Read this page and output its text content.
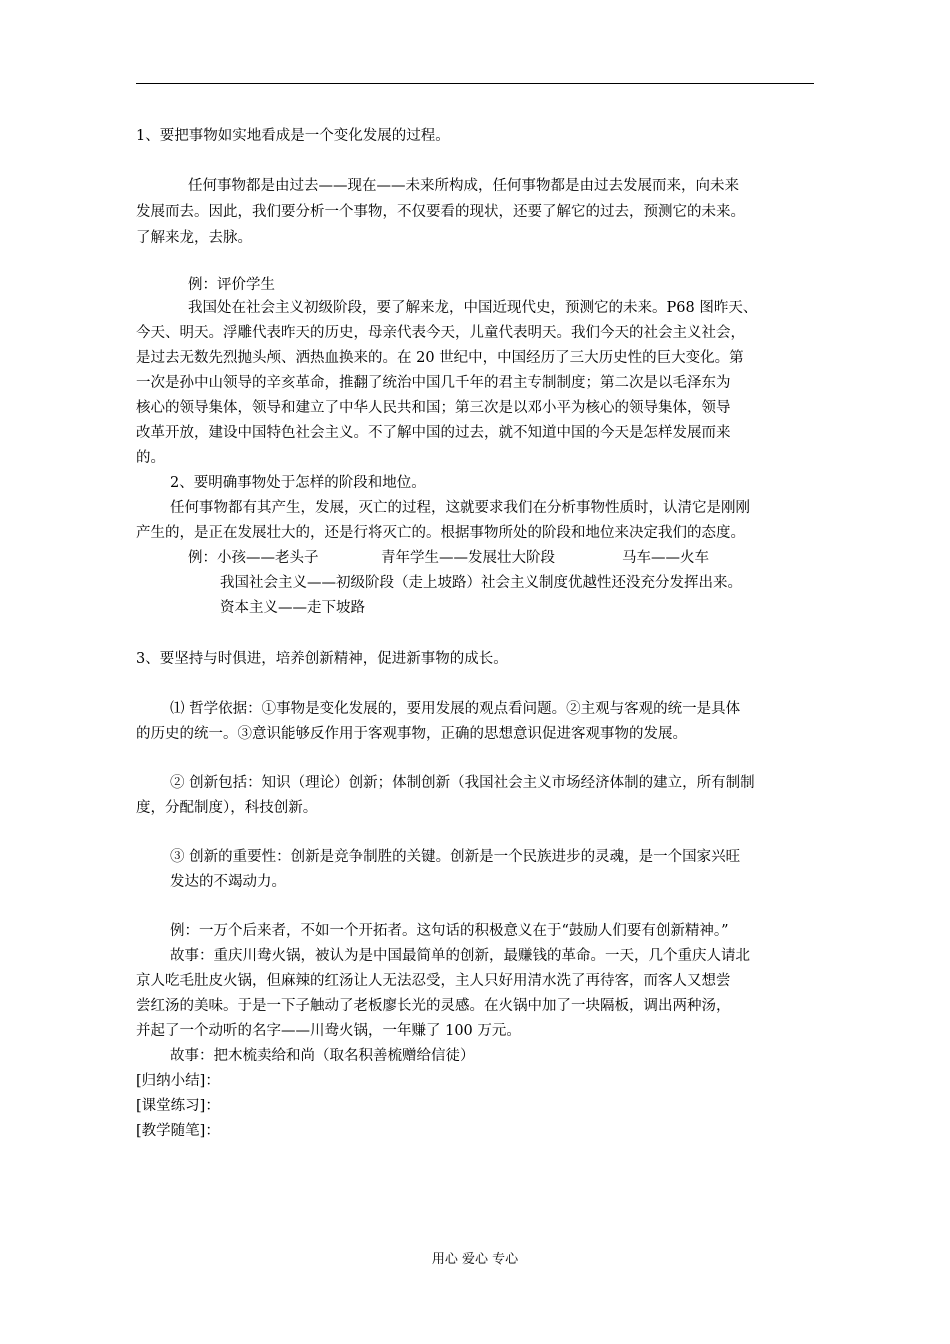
1、要把事物如实地看成是一个变化发展的过程。
任何事物都是由过去——现在——未来所构成，任何事物都是由过去发展而来，向未来
发展而去。因此，我们要分析一个事物，不仅要看的现状，还要了解它的过去，预测它的未来。
了解来龙，去脉。
例：评价学生
我国处在社会主义初级阶段，要了解来龙，中国近现代史，预测它的未来。P68 图昨天、
今天、明天。浮雕代表昨天的历史，母亲代表今天，儿童代表明天。我们今天的社会主义社会，
是过去无数先烈抛头颅、洒热血换来的。在 20 世纪中，中国经历了三大历史性的巨大变化。第
一次是孙中山领导的辛亥革命，推翻了统治中国几千年的君主专制制度；第二次是以毛泽东为
核心的领导集体，领导和建立了中华人民共和国；第三次是以邓小平为核心的领导集体，领导
改革开放，建设中国特色社会主义。不了解中国的过去，就不知道中国的今天是怎样发展而来
的。
2、要明确事物处于怎样的阶段和地位。
任何事物都有其产生，发展，灭亡的过程，这就要求我们在分析事物性质时，认清它是刚刚
产生的，是正在发展壮大的，还是行将灭亡的。根据事物所处的阶段和地位来决定我们的态度。
例：小孩——老头子	青年学生——发展壮大阶段	马车——火车
我国社会主义——初级阶段（走上坡路）社会主义制度优越性还没充分发挥出来。
资本主义——走下坡路
3、要坚持与时俱进，培养创新精神，促进新事物的成长。
⑴ 哲学依据：①事物是变化发展的，要用发展的观点看问题。②主观与客观的统一是具体
的历史的统一。③意识能够反作用于客观事物，正确的思想意识促进客观事物的发展。
② 创新包括：知识（理论）创新；体制创新（我国社会主义市场经济体制的建立，所有制制
度，分配制度），科技创新。
③ 创新的重要性：创新是竞争制胜的关键。创新是一个民族进步的灵魂，是一个国家兴旺
发达的不竭动力。
例：一万个后来者，不如一个开拓者。这句话的积极意义在于“鼓励人们要有创新精神。”
故事：重庆川鸯火锅，被认为是中国最简单的创新，最赚钱的革命。一天，几个重庆人请北
京人吃毛肚皮火锅，但麻辣的红汤让人无法忍受，主人只好用清水洗了再待客，而客人又想尝
尝红汤的美味。于是一下子触动了老板廖长光的灵感。在火锅中加了一块隔板，调出两种汤，
并起了一个动听的名字——川鸯火锅，一年赚了 100 万元。
故事：把木梳卖给和尚（取名积善梳赠给信徒）
[归纳小结]：
[课堂练习]：
[教学随笔]：
用心 爱心 专心
